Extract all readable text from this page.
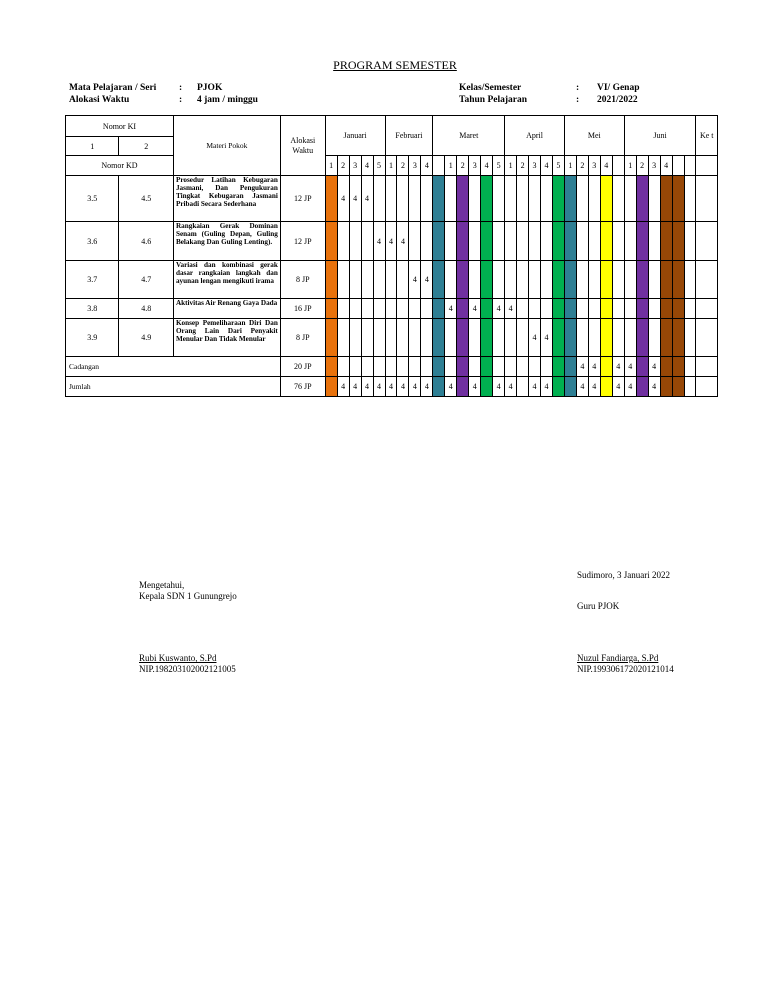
PROGRAM SEMESTER
Mata Pelajaran / Seri : PJOK
Alokasi Waktu	: 4 jam / minggu
Kelas/Semester	: VI/ Genap
Tahun Pelajaran	: 2021/2022
Nomor KI		Materi Pokok	Alokasi Waktu	Januari					Februari				Maret						April					Mei					Juni						Ke t
1	2																																		
Nomor KD				1	2	3	4	5	1	2	3	4		1	2	3	4	5	1	2	3	4	5	1	2	3	4		1	2	3	4			
3.5	4.5	Prosedur Latihan Kebugaran Jasmani, Dan Pengukuran Tingkat Kebugaran Jasmani Pribadi Secara Sederhana	12 JP		4	4	4																												
3.6	4.6	Rangkaian Gerak Dominan Senam (Guling Depan, Guling Belakang Dan Guling Lenting).	12 JP					4	4	4																									
3.7	4.7	Variasi dan kombinasi gerak dasar rangkaian langkah dan ayunan lengan mengikuti irama	8 JP								4	4																							
3.8	4.8	Aktivitas Air Renang Gaya Dada	16 JP											4		4		4	4																
3.9	4.9	Konsep Pemeliharaan Diri Dan Orang Lain Dari Penyakit Menular Dan Tidak Menular	8 JP																		4	4													
Cadangan			20 JP																						4	4		4	4		4				
Jumlah			76 JP		4	4	4	4	4	4	4	4		4		4		4	4		4	4			4	4		4	4		4				
Mengetahui,
Kepala SDN 1 Gunungrejo
Rubi Kuswanto, S.Pd
NIP.198203102002121005
Sudimoro, 3 Januari 2022
Guru PJOK
Nuzul Fandiarga, S.Pd
NIP.199306172020121014
